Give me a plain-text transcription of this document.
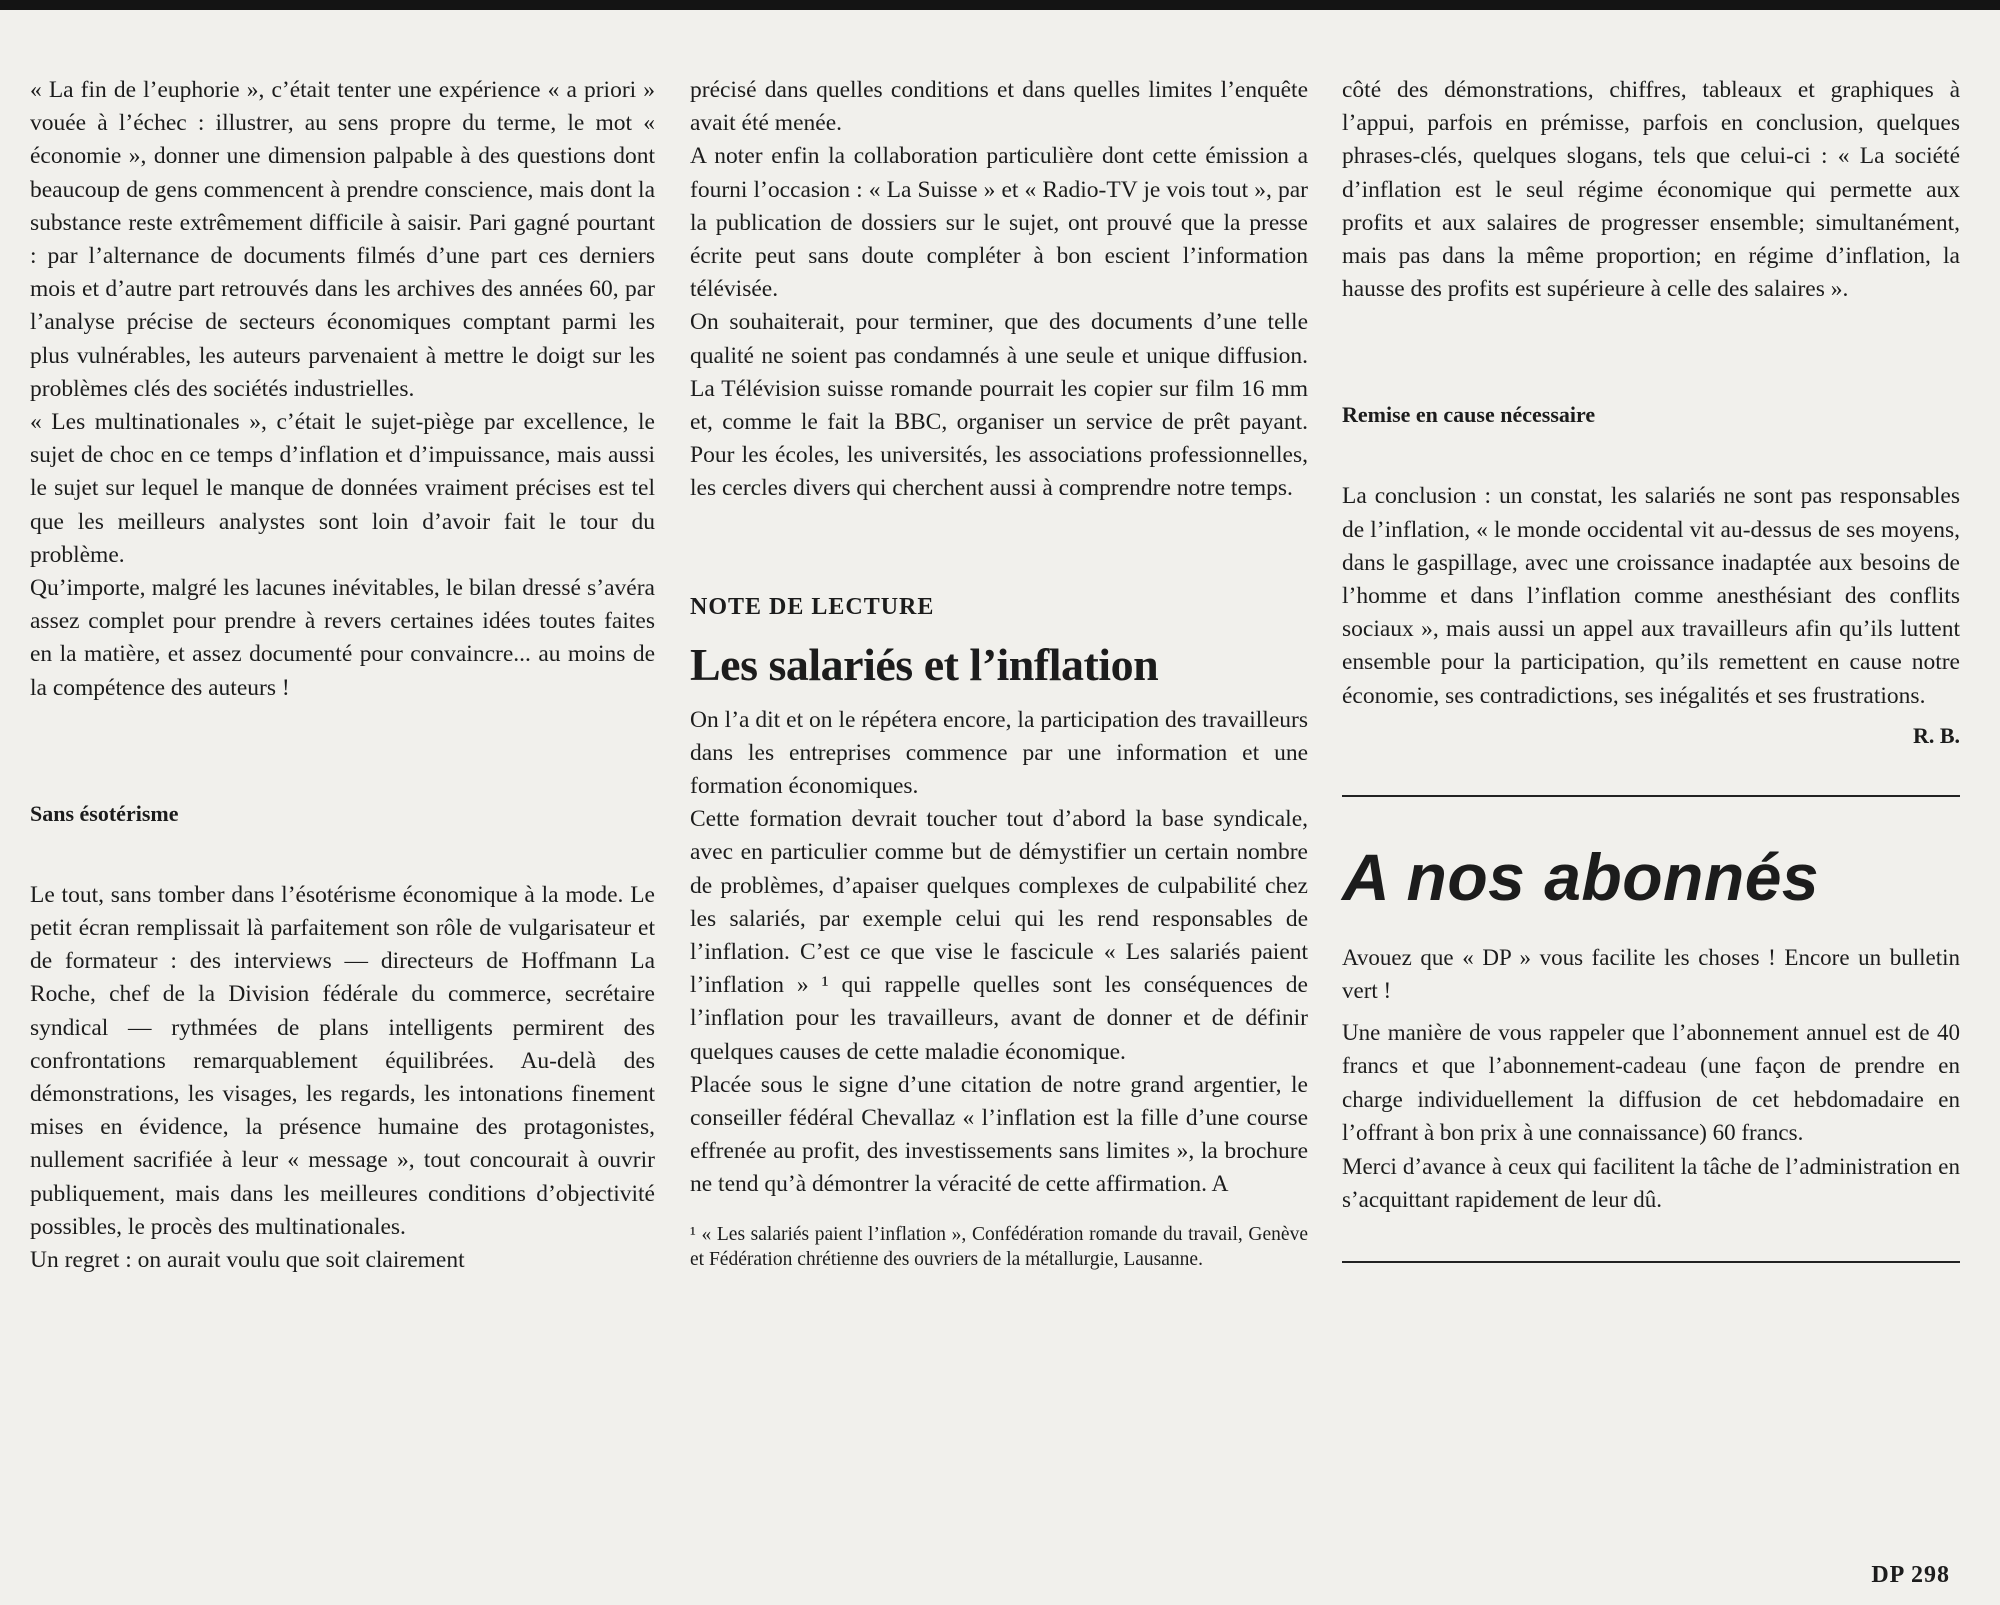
« La fin de l’euphorie », c’était tenter une expérience « a priori » vouée à l’échec : illustrer, au sens propre du terme, le mot « économie », donner une dimension palpable à des questions dont beaucoup de gens commencent à prendre conscience, mais dont la substance reste extrêmement difficile à saisir. Pari gagné pourtant : par l’alternance de documents filmés d’une part ces derniers mois et d’autre part retrouvés dans les archives des années 60, par l’analyse précise de secteurs économiques comptant parmi les plus vulnérables, les auteurs parvenaient à mettre le doigt sur les problèmes clés des sociétés industrielles.

« Les multinationales », c’était le sujet-piège par excellence, le sujet de choc en ce temps d’inflation et d’impuissance, mais aussi le sujet sur lequel le manque de données vraiment précises est tel que les meilleurs analystes sont loin d’avoir fait le tour du problème.

Qu’importe, malgré les lacunes inévitables, le bilan dressé s’avéra assez complet pour prendre à revers certaines idées toutes faites en la matière, et assez documenté pour convaincre... au moins de la compétence des auteurs !

Sans ésotérisme

Le tout, sans tomber dans l’ésotérisme économique à la mode. Le petit écran remplissait là parfaitement son rôle de vulgarisateur et de formateur : des interviews — directeurs de Hoffmann La Roche, chef de la Division fédérale du commerce, secrétaire syndical — rythmées de plans intelligents permirent des confrontations remarquablement équilibrées. Au-delà des démonstrations, les visages, les regards, les intonations finement mises en évidence, la présence humaine des protagonistes, nullement sacrifiée à leur « message », tout concourait à ouvrir publiquement, mais dans les meilleures conditions d’objectivité possibles, le procès des multinationales.

Un regret : on aurait voulu que soit clairement

précisé dans quelles conditions et dans quelles limites l’enquête avait été menée.

A noter enfin la collaboration particulière dont cette émission a fourni l’occasion : « La Suisse » et « Radio-TV je vois tout », par la publication de dossiers sur le sujet, ont prouvé que la presse écrite peut sans doute compléter à bon escient l’information télévisée.

On souhaiterait, pour terminer, que des documents d’une telle qualité ne soient pas condamnés à une seule et unique diffusion. La Télévision suisse romande pourrait les copier sur film 16 mm et, comme le fait la BBC, organiser un service de prêt payant. Pour les écoles, les universités, les associations professionnelles, les cercles divers qui cherchent aussi à comprendre notre temps.

NOTE DE LECTURE

Les salariés et l’inflation

On l’a dit et on le répétera encore, la participation des travailleurs dans les entreprises commence par une information et une formation économiques.

Cette formation devrait toucher tout d’abord la base syndicale, avec en particulier comme but de démystifier un certain nombre de problèmes, d’apaiser quelques complexes de culpabilité chez les salariés, par exemple celui qui les rend responsables de l’inflation. C’est ce que vise le fascicule « Les salariés paient l’inflation » ¹ qui rappelle quelles sont les conséquences de l’inflation pour les travailleurs, avant de donner et de définir quelques causes de cette maladie économique.

Placée sous le signe d’une citation de notre grand argentier, le conseiller fédéral Chevallaz « l’inflation est la fille d’une course effrenée au profit, des investissements sans limites », la brochure ne tend qu’à démontrer la véracité de cette affirmation. A

¹ « Les salariés paient l’inflation », Confédération romande du travail, Genève et Fédération chrétienne des ouvriers de la métallurgie, Lausanne.

côté des démonstrations, chiffres, tableaux et graphiques à l’appui, parfois en prémisse, parfois en conclusion, quelques phrases-clés, quelques slogans, tels que celui-ci : « La société d’inflation est le seul régime économique qui permette aux profits et aux salaires de progresser ensemble; simultanément, mais pas dans la même proportion; en régime d’inflation, la hausse des profits est supérieure à celle des salaires ».

Remise en cause nécessaire

La conclusion : un constat, les salariés ne sont pas responsables de l’inflation, « le monde occidental vit au-dessus de ses moyens, dans le gaspillage, avec une croissance inadaptée aux besoins de l’homme et dans l’inflation comme anesthésiant des conflits sociaux », mais aussi un appel aux travailleurs afin qu’ils luttent ensemble pour la participation, qu’ils remettent en cause notre économie, ses contradictions, ses inégalités et ses frustrations.

R. B.

A nos abonnés

Avouez que « DP » vous facilite les choses ! Encore un bulletin vert !

Une manière de vous rappeler que l’abonnement annuel est de 40 francs et que l’abonnement-cadeau (une façon de prendre en charge individuellement la diffusion de cet hebdomadaire en l’offrant à bon prix à une connaissance) 60 francs.

Merci d’avance à ceux qui facilitent la tâche de l’administration en s’acquittant rapidement de leur dû.

DP 298
